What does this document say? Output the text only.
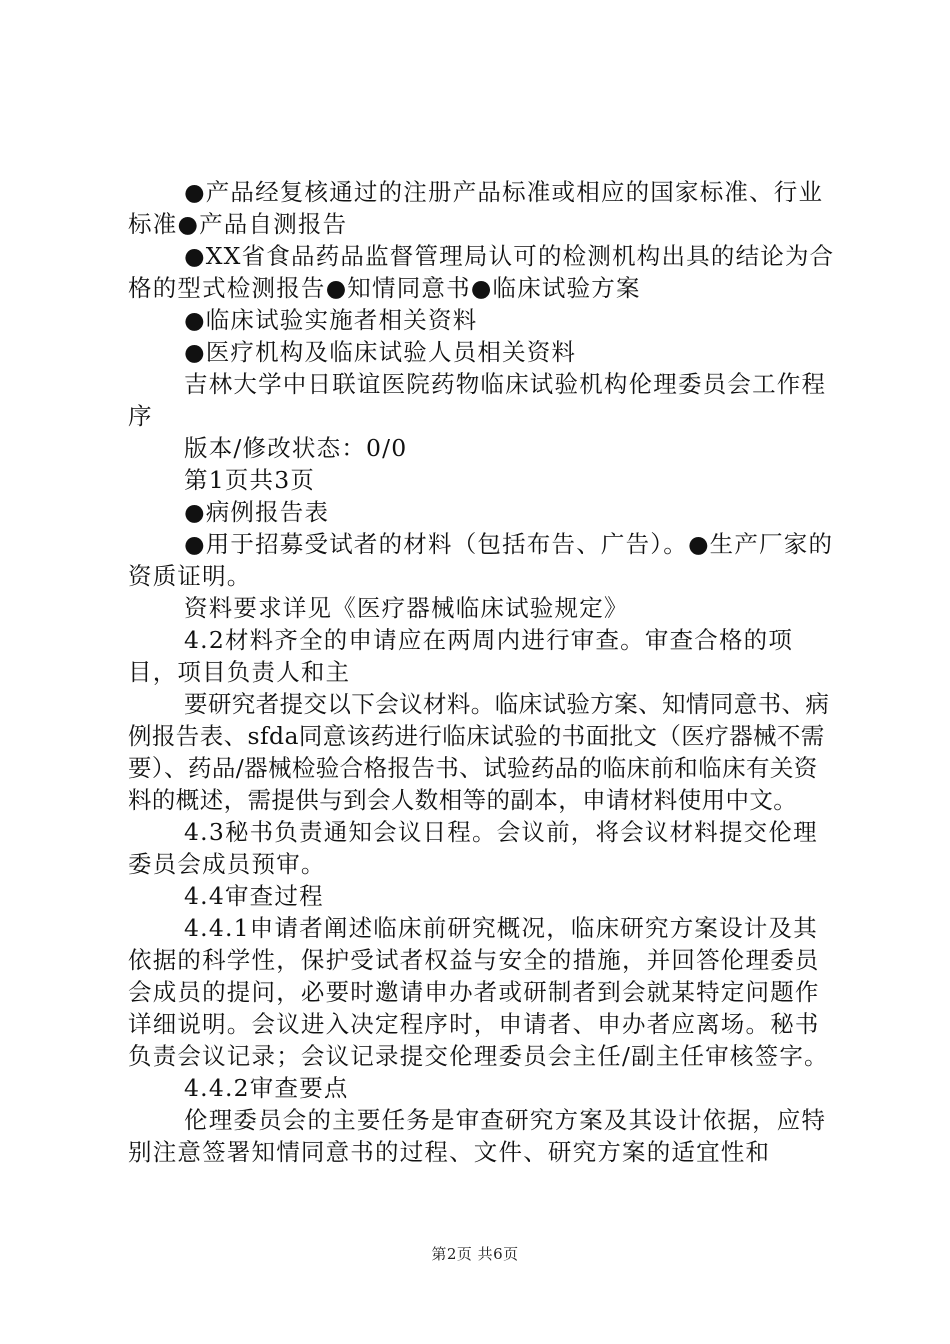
●产品经复核通过的注册产品标准或相应的国家标准、行业标准●产品自测报告

●XX省食品药品监督管理局认可的检测机构出具的结论为合格的型式检测报告●知情同意书●临床试验方案

●临床试验实施者相关资料

●医疗机构及临床试验人员相关资料

吉林大学中日联谊医院药物临床试验机构伦理委员会工作程序

版本/修改状态：0/0

第1页共3页

●病例报告表

●用于招募受试者的材料（包括布告、广告）。●生产厂家的资质证明。

资料要求详见《医疗器械临床试验规定》

4.2材料齐全的申请应在两周内进行审查。审查合格的项目，项目负责人和主

要研究者提交以下会议材料。临床试验方案、知情同意书、病例报告表、sfda同意该药进行临床试验的书面批文（医疗器械不需要）、药品/器械检验合格报告书、试验药品的临床前和临床有关资料的概述，需提供与到会人数相等的副本，申请材料使用中文。

4.3秘书负责通知会议日程。会议前，将会议材料提交伦理委员会成员预审。

4.4审查过程

4.4.1申请者阐述临床前研究概况，临床研究方案设计及其依据的科学性，保护受试者权益与安全的措施，并回答伦理委员会成员的提问，必要时邀请申办者或研制者到会就某特定问题作详细说明。会议进入决定程序时，申请者、申办者应离场。秘书负责会议记录；会议记录提交伦理委员会主任/副主任审核签字。

4.4.2审查要点

伦理委员会的主要任务是审查研究方案及其设计依据，应特别注意签署知情同意书的过程、文件、研究方案的适宜性和

第2页 共6页
